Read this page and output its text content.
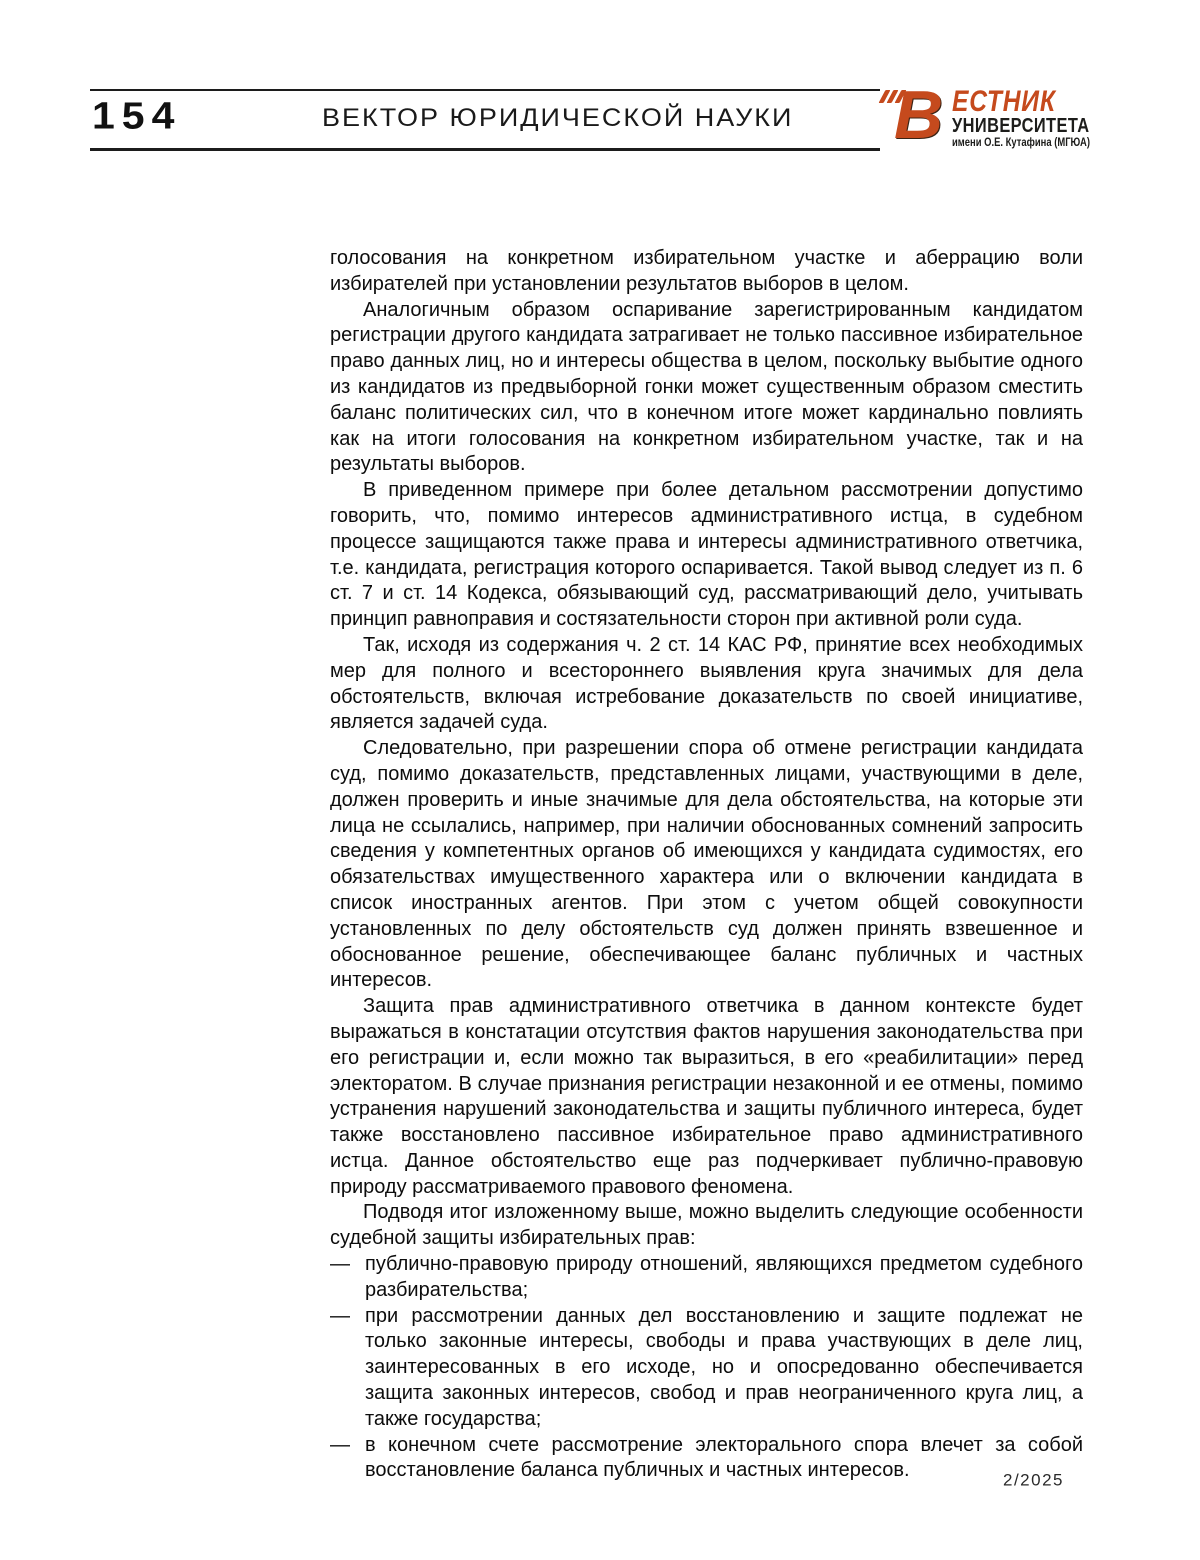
154	ВЕКТОР ЮРИДИЧЕСКОЙ НАУКИ В ЕСТНИК
УНИВЕРСИТЕТА
имени О.Е. Кутафина (МГЮА)

голосования на конкретном избирательном участке и аберрацию воли избирателей при установлении результатов выборов в целом.

Аналогичным образом оспаривание зарегистрированным кандидатом регистрации другого кандидата затрагивает не только пассивное избирательное право данных лиц, но и интересы общества в целом, поскольку выбытие одного из кандидатов из предвыборной гонки может существенным образом сместить баланс политических сил, что в конечном итоге может кардинально повлиять как на итоги голосования на конкретном избирательном участке, так и на результаты выборов.

В приведенном примере при более детальном рассмотрении допустимо говорить, что, помимо интересов административного истца, в судебном процессе защищаются также права и интересы административного ответчика, т.е. кандидата, регистрация которого оспаривается. Такой вывод следует из п. 6 ст. 7 и ст. 14 Кодекса, обязывающий суд, рассматривающий дело, учитывать принцип равноправия и состязательности сторон при активной роли суда.

Так, исходя из содержания ч. 2 ст. 14 КАС РФ, принятие всех необходимых мер для полного и всестороннего выявления круга значимых для дела обстоятельств, включая истребование доказательств по своей инициативе, является задачей суда.

Следовательно, при разрешении спора об отмене регистрации кандидата суд, помимо доказательств, представленных лицами, участвующими в деле, должен проверить и иные значимые для дела обстоятельства, на которые эти лица не ссылались, например, при наличии обоснованных сомнений запросить сведения у компетентных органов об имеющихся у кандидата судимостях, его обязательствах имущественного характера или о включении кандидата в список иностранных агентов. При этом с учетом общей совокупности установленных по делу обстоятельств суд должен принять взвешенное и обоснованное решение, обеспечивающее баланс публичных и частных интересов.

Защита прав административного ответчика в данном контексте будет выражаться в констатации отсутствия фактов нарушения законодательства при его регистрации и, если можно так выразиться, в его «реабилитации» перед электоратом. В случае признания регистрации незаконной и ее отмены, помимо устранения нарушений законодательства и защиты публичного интереса, будет также восстановлено пассивное избирательное право административного истца. Данное обстоятельство еще раз подчеркивает публично-правовую природу рассматриваемого правового феномена.

Подводя итог изложенному выше, можно выделить следующие особенности судебной защиты избирательных прав:

— публично-правовую природу отношений, являющихся предметом судебного разбирательства;
— при рассмотрении данных дел восстановлению и защите подлежат не только законные интересы, свободы и права участвующих в деле лиц, заинтересованных в его исходе, но и опосредованно обеспечивается защита законных интересов, свобод и прав неограниченного круга лиц, а также государства;
— в конечном счете рассмотрение электорального спора влечет за собой восстановление баланса публичных и частных интересов.	2/2025
